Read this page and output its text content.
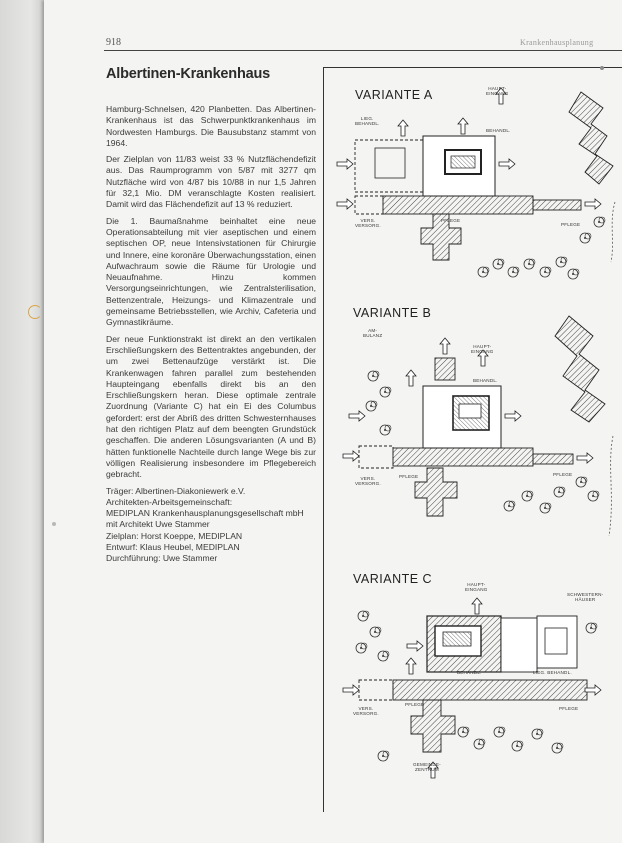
918	Krankenhausplanung
Albertinen-Krankenhaus

Hamburg-Schnelsen, 420 Planbetten. Das Albertinen-Krankenhaus ist das Schwerpunktkrankenhaus im Nordwesten Hamburgs. Die Bausubstanz stammt von 1964.

Der Zielplan von 11/83 weist 33 % Nutzflächendefizit aus. Das Raumprogramm von 5/87 mit 3277 qm Nutzfläche wird von 4/87 bis 10/88 in nur 1,5 Jahren für 32,1 Mio. DM veranschlagte Kosten realisiert. Damit wird das Flächendefizit auf 13 % reduziert.

Die 1. Baumaßnahme beinhaltet eine neue Operationsabteilung mit vier aseptischen und einem septischen OP, neue Intensivstationen für Chirurgie und Innere, eine koronäre Überwachungsstation, einen Aufwachraum sowie die Räume für Urologie und Neuaufnahme. Hinzu kommen Versorgungseinrichtungen, wie Zentralsterilisation, Bettenzentrale, Heizungs- und Klimazentrale und gemeinsame Betriebsstellen, wie Archiv, Cafeteria und Gymnastikräume.

Der neue Funktionstrakt ist direkt an den vertikalen Erschließungskern des Bettentraktes angebunden, der um zwei Bettenaufzüge verstärkt ist. Die Krankenwagen fahren parallel zum bestehenden Haupteingang ebenfalls direkt bis an den Erschließungskern heran. Diese optimale zentrale Zuordnung (Variante C) hat ein Ei des Columbus gefordert: erst der Abriß des dritten Schwesternhauses hat den richtigen Platz auf dem beengten Grundstück geschaffen. Die anderen Lösungsvarianten (A und B) hätten funktionelle Nachteile durch lange Wege bis zur völligen Realisierung insbesondere im Pflegebereich gebracht.

Träger: Albertinen-Diakoniewerk e.V.
Architekten-Arbeitsgemeinschaft:
MEDIPLAN Krankenhausplanungsgesellschaft mbH mit Architekt Uwe Stammer
Zielplan: Horst Koeppe, MEDIPLAN
Entwurf: Klaus Heubel, MEDIPLAN
Durchführung: Uwe Stammer
VARIANTE A	HAUPT-
EINGANG
LIEG.
BEHANDL.
BEHANDL.
VERS.
VERSORG.
PFLEGE
PFLEGE
VARIANTE B
AM-
BULANZ
HAUPT-
EINGANG
BEHANDL.
VERS.
VERSORG.
PFLEGE	PFLEGE
VARIANTE C	HAUPT-
EINGANG
SCHWESTERN-
HÄUSER
BEHANDL.	LIEG. BEHANDL.
VERS.
VERSORG.
PFLEGE
PFLEGE
GEMEINDE-
ZENTRUM
